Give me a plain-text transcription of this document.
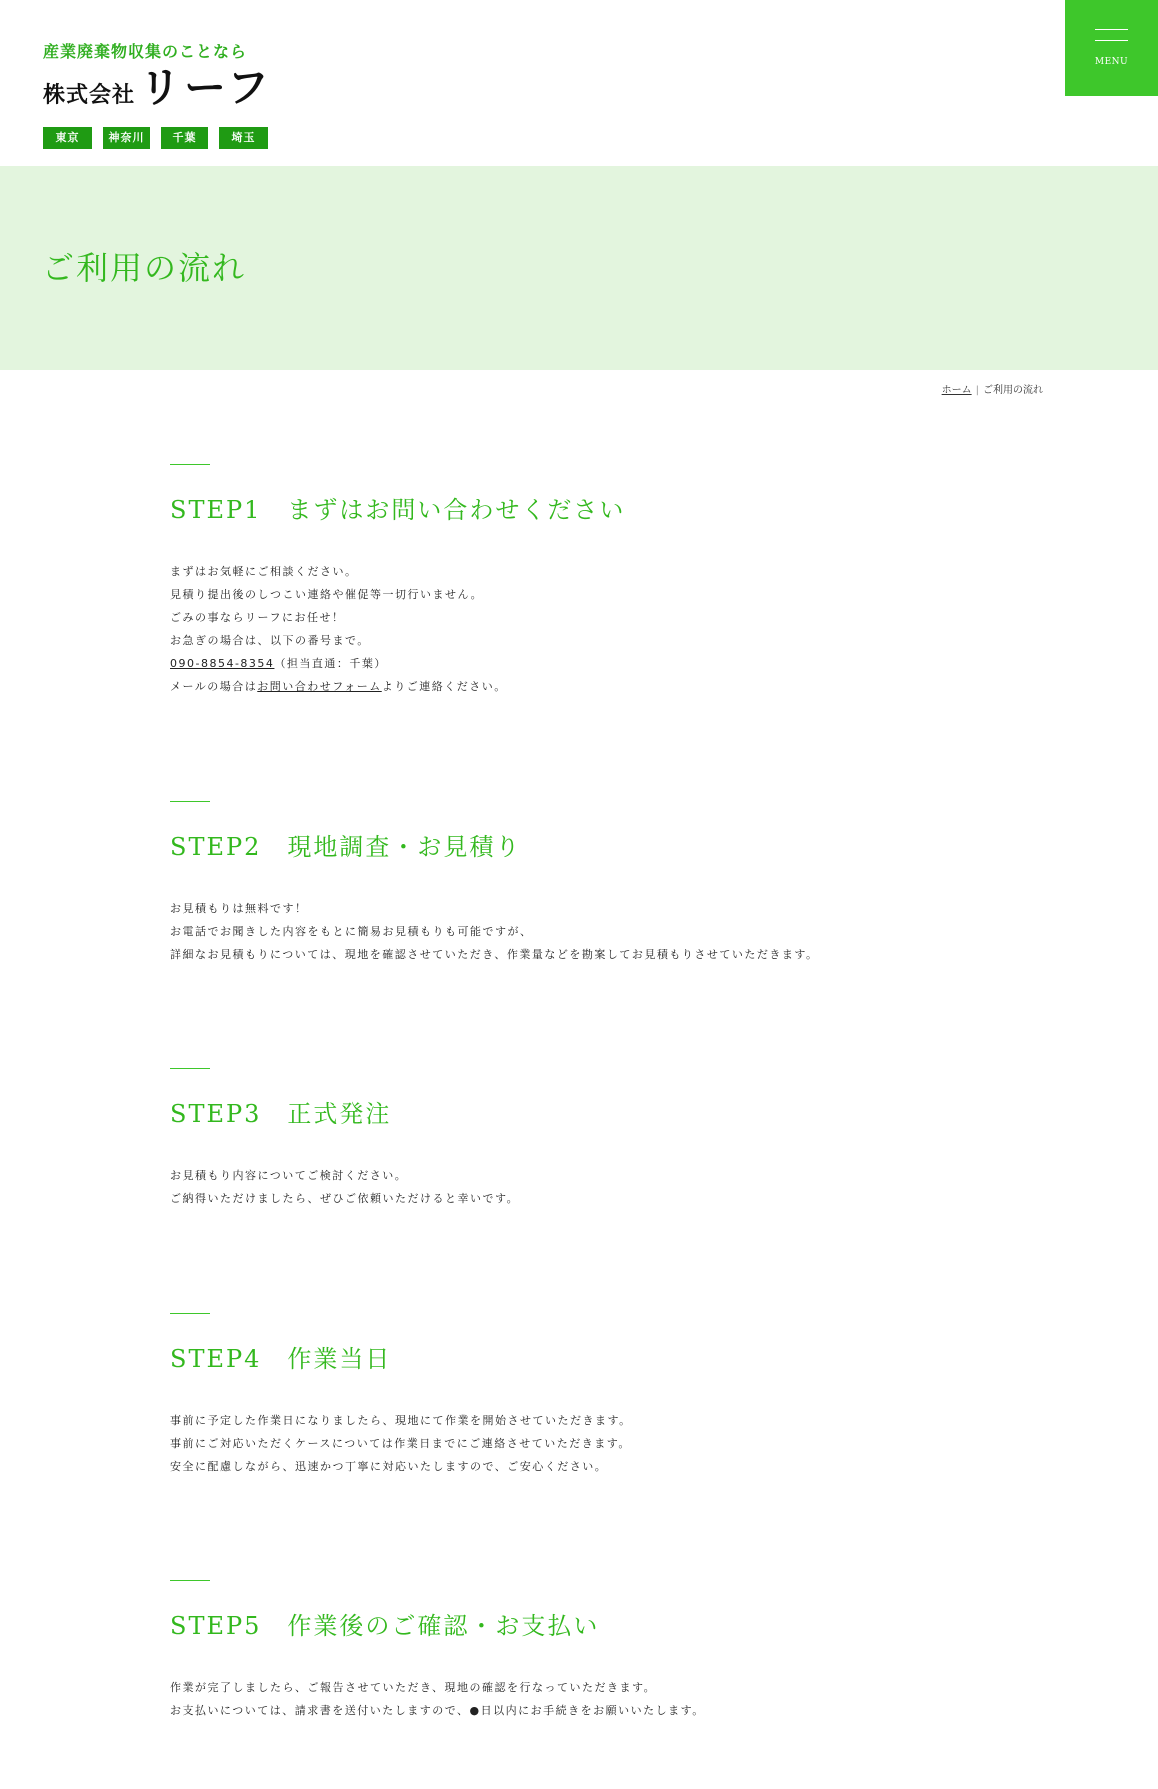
産業廃棄物収集のことなら
株式会社リーフ
東京	神奈川	千葉	埼玉
MENU
ご利用の流れ
ホーム | ご利用の流れ
STEP1　まずはお問い合わせください

まずはお気軽にご相談ください。

見積り提出後のしつこい連絡や催促等一切行いません。

ごみの事ならリーフにお任せ！

お急ぎの場合は、以下の番号まで。

090-8854-8354（担当直通：千葉）

メールの場合はお問い合わせフォームよりご連絡ください。

STEP2　現地調査・お見積り

お見積もりは無料です！

お電話でお聞きした内容をもとに簡易お見積もりも可能ですが、

詳細なお見積もりについては、現地を確認させていただき、作業量などを勘案してお見積もりさせていただきます。

STEP3　正式発注

お見積もり内容についてご検討ください。

ご納得いただけましたら、ぜひご依頼いただけると幸いです。

STEP4　作業当日

事前に予定した作業日になりましたら、現地にて作業を開始させていただきます。

事前にご対応いただくケースについては作業日までにご連絡させていただきます。

安全に配慮しながら、迅速かつ丁寧に対応いたしますので、ご安心ください。

STEP5　作業後のご確認・お支払い

作業が完了しましたら、ご報告させていただき、現地の確認を行なっていただきます。

お支払いについては、請求書を送付いたしますので、●日以内にお手続きをお願いいたします。
